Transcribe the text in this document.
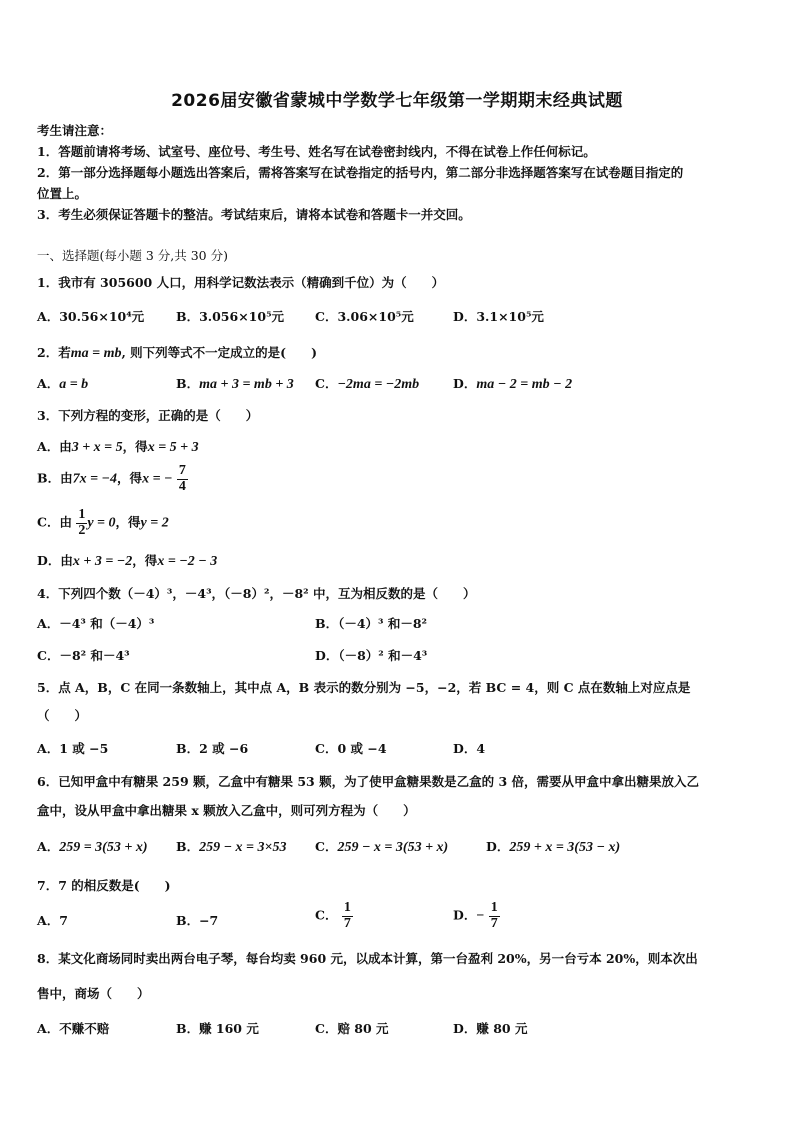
2026届安徽省蒙城中学数学七年级第一学期期末经典试题
考生请注意：
1．答题前请将考场、试室号、座位号、考生号、姓名写在试卷密封线内，不得在试卷上作任何标记。
2．第一部分选择题每小题选出答案后，需将答案写在试卷指定的括号内，第二部分非选择题答案写在试卷题目指定的
位置上。
3．考生必须保证答题卡的整洁。考试结束后，请将本试卷和答题卡一并交回。
一、选择题(每小题 3 分,共 30 分)
1．我市有 305600 人口，用科学记数法表示（精确到千位）为（　　）
A．30.56×10⁴元	B．3.056×10⁵元 C．3.06×10⁵元	D．3.1×10⁵元
2．若ma = mb, 则下列等式不一定成立的是(　　)
A．a = b	B．ma + 3 = mb + 3 C．−2ma = −2mb	D．ma − 2 = mb − 2
3．下列方程的变形，正确的是（　　）
A．由3 + x = 5，得x = 5 + 3
B．由7x = −4，得x = − $\frac{7}{4}$
C．由 $\frac{1}{2}$ y = 0，得y = 2
D．由x + 3 = −2，得x = −2 − 3
4．下列四个数（－4）³，－4³，（－8）²，－8² 中，互为相反数的是（　　）
A．－4³ 和（－4）³	B．（－4）³ 和－8²
C．－8² 和－4³	D．（－8）² 和－4³
5．点 A，B，C 在同一条数轴上，其中点 A，B 表示的数分别为 −5，−2，若 BC = 4，则 C 点在数轴上对应点是
（　　）
A．1 或 −5	B．2 或 −6	C．0 或 −4	D．4
6．已知甲盒中有糖果 259 颗，乙盒中有糖果 53 颗，为了使甲盒糖果数是乙盒的 3 倍，需要从甲盒中拿出糖果放入乙
盒中，设从甲盒中拿出糖果 x 颗放入乙盒中，则可列方程为（　　）
A．259 = 3(53 + x) B．259 − x = 3×53 C．259 − x = 3(53 + x)	D．259 + x = 3(53 − x)
7．7 的相反数是(　　)
A．7	B．−7	C． $\frac{1}{7}$	D．− $\frac{1}{7}$
8．某文化商场同时卖出两台电子琴，每台均卖 960 元，以成本计算，第一台盈利 20%，另一台亏本 20%，则本次出
售中，商场（　　）
A．不赚不赔	B．赚 160 元	C．赔 80 元	D．赚 80 元
